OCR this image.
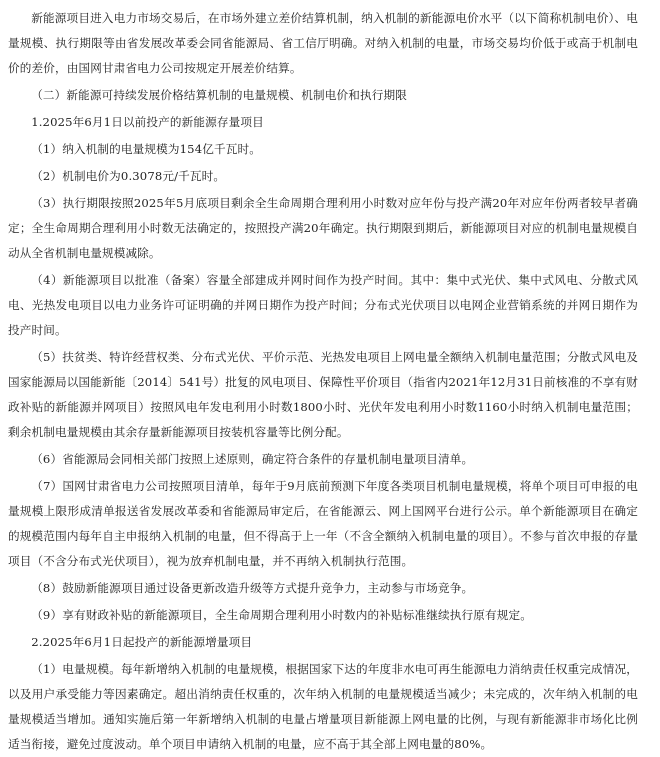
新能源项目进入电力市场交易后，在市场外建立差价结算机制，纳入机制的新能源电价水平（以下简称机制电价）、电量规模、执行期限等由省发展改革委会同省能源局、省工信厅明确。对纳入机制的电量，市场交易均价低于或高于机制电价的差价，由国网甘肃省电力公司按规定开展差价结算。

（二）新能源可持续发展价格结算机制的电量规模、机制电价和执行期限

1.2025年6月1日以前投产的新能源存量项目

（1）纳入机制的电量规模为154亿千瓦时。

（2）机制电价为0.3078元/千瓦时。

（3）执行期限按照2025年5月底项目剩余全生命周期合理利用小时数对应年份与投产满20年对应年份两者较早者确定；全生命周期合理利用小时数无法确定的，按照投产满20年确定。执行期限到期后，新能源项目对应的机制电量规模自动从全省机制电量规模减除。

（4）新能源项目以批准（备案）容量全部建成并网时间作为投产时间。其中：集中式光伏、集中式风电、分散式风电、光热发电项目以电力业务许可证明确的并网日期作为投产时间；分布式光伏项目以电网企业营销系统的并网日期作为投产时间。

（5）扶贫类、特许经营权类、分布式光伏、平价示范、光热发电项目上网电量全额纳入机制电量范围；分散式风电及国家能源局以国能新能〔2014〕541号）批复的风电项目、保障性平价项目（指省内2021年12月31日前核准的不享有财政补贴的新能源并网项目）按照风电年发电利用小时数1800小时、光伏年发电利用小时数1160小时纳入机制电量范围；剩余机制电量规模由其余存量新能源项目按装机容量等比例分配。

（6）省能源局会同相关部门按照上述原则，确定符合条件的存量机制电量项目清单。

（7）国网甘肃省电力公司按照项目清单，每年于9月底前预测下年度各类项目机制电量规模，将单个项目可申报的电量规模上限形成清单报送省发展改革委和省能源局审定后，在省能源云、网上国网平台进行公示。单个新能源项目在确定的规模范围内每年自主申报纳入机制的电量，但不得高于上一年（不含全额纳入机制电量的项目）。不参与首次申报的存量项目（不含分布式光伏项目），视为放弃机制电量，并不再纳入机制执行范围。

（8）鼓励新能源项目通过设备更新改造升级等方式提升竞争力，主动参与市场竞争。

（9）享有财政补贴的新能源项目，全生命周期合理利用小时数内的补贴标准继续执行原有规定。

2.2025年6月1日起投产的新能源增量项目

（1）电量规模。每年新增纳入机制的电量规模，根据国家下达的年度非水电可再生能源电力消纳责任权重完成情况，以及用户承受能力等因素确定。超出消纳责任权重的，次年纳入机制的电量规模适当减少；未完成的，次年纳入机制的电量规模适当增加。通知实施后第一年新增纳入机制的电量占增量项目新能源上网电量的比例，与现有新能源非市场化比例适当衔接，避免过度波动。单个项目申请纳入机制的电量，应不高于其全部上网电量的80%。
